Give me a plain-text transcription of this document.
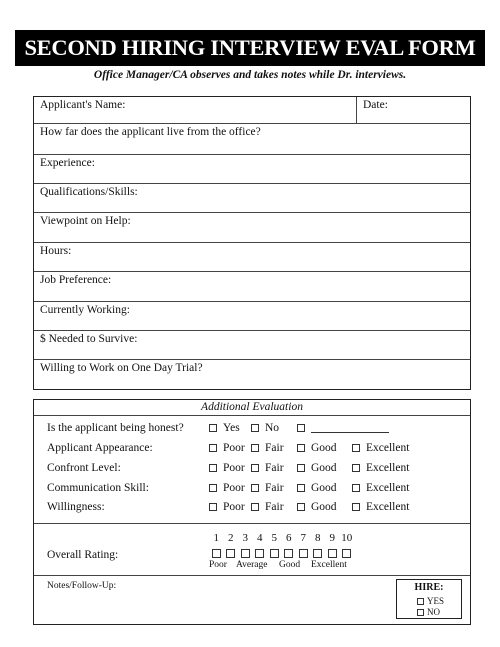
SECOND HIRING INTERVIEW EVAL FORM
Office Manager/CA observes and takes notes while Dr. interviews.
Applicant's Name:	Date:
How far does the applicant live from the office?
Experience:
Qualifications/Skills:
Viewpoint on Help:
Hours:
Job Preference:
Currently Working:
$ Needed to Survive:
Willing to Work on One Day Trial?
Additional Evaluation
Is the applicant being honest?	Yes	No
Applicant Appearance:	Poor	Fair	Good	Excellent
Confront Level:	Poor	Fair	Good	Excellent
Communication Skill:	Poor	Fair	Good	Excellent
Willingness:	Poor	Fair	Good	Excellent
Overall Rating:
1 2 3 4 5 6 7 8 9 10
Poor Average Good Excellent
Notes/Follow-Up:	HIRE:
YES
NO
